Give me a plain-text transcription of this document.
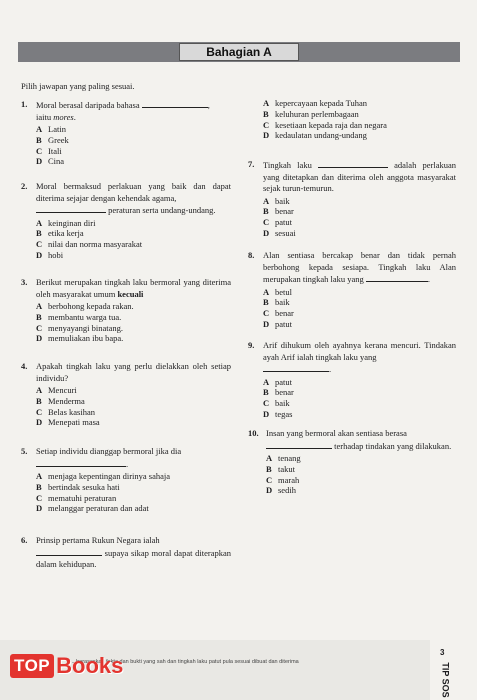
Bahagian A
Pilih jawapan yang paling sesuai.
1. Moral berasal daripada bahasa	,
iaitu mores.
A Latin
B Greek
C Itali
D Cina
2. Moral bermaksud perlakuan yang baik dan dapat diterima sejajar dengan kehendak agama,
peraturan serta undang-undang.
A keinginan diri
B etika kerja
C nilai dan norma masyarakat
D hobi
3. Berikut merupakan tingkah laku bermoral yang diterima oleh masyarakat umum kecuali
A berbohong kepada rakan.
B membantu warga tua.
C menyayangi binatang.
D memuliakan ibu bapa.
4. Apakah tingkah laku yang perlu dielakkan oleh setiap individu?
A Mencuri
B Menderma
C Belas kasihan
D Menepati masa
5. Setiap individu dianggap bermoral jika dia
.
A menjaga kepentingan dirinya sahaja
B bertindak sesuka hati
C mematuhi peraturan
D melanggar peraturan dan adat
6. Prinsip pertama Rukun Negara ialah
supaya sikap moral dapat diterapkan dalam kehidupan.
A kepercayaan kepada Tuhan
B keluhuran perlembagaan
C kesetiaan kepada raja dan negara
D kedaulatan undang-undang
7. Tingkah laku	adalah perlakuan yang ditetapkan dan diterima oleh anggota masyarakat sejak turun-temurun.
A baik
B benar
C patut
D sesuai
8. Alan sentiasa bercakap benar dan tidak pernah berbohong kepada sesiapa. Tingkah laku Alan merupakan tingkah laku yang	.
A betul
B baik
C benar
D patut
9. Arif dihukum oleh ayahnya kerana mencuri. Tindakan ayah Arif ialah tingkah laku yang
.
A patut
B benar
C baik
D tegas
10. Insan yang bermoral akan sentiasa berasa
terhadap tindakan yang dilakukan.
A tenang
B takut
C marah
D sedih
... berasaskan fakta dan bukti yang sah dan tingkah laku patut pula sesuai dibuat dan diterima
TOP Books
3
TIP SOS
